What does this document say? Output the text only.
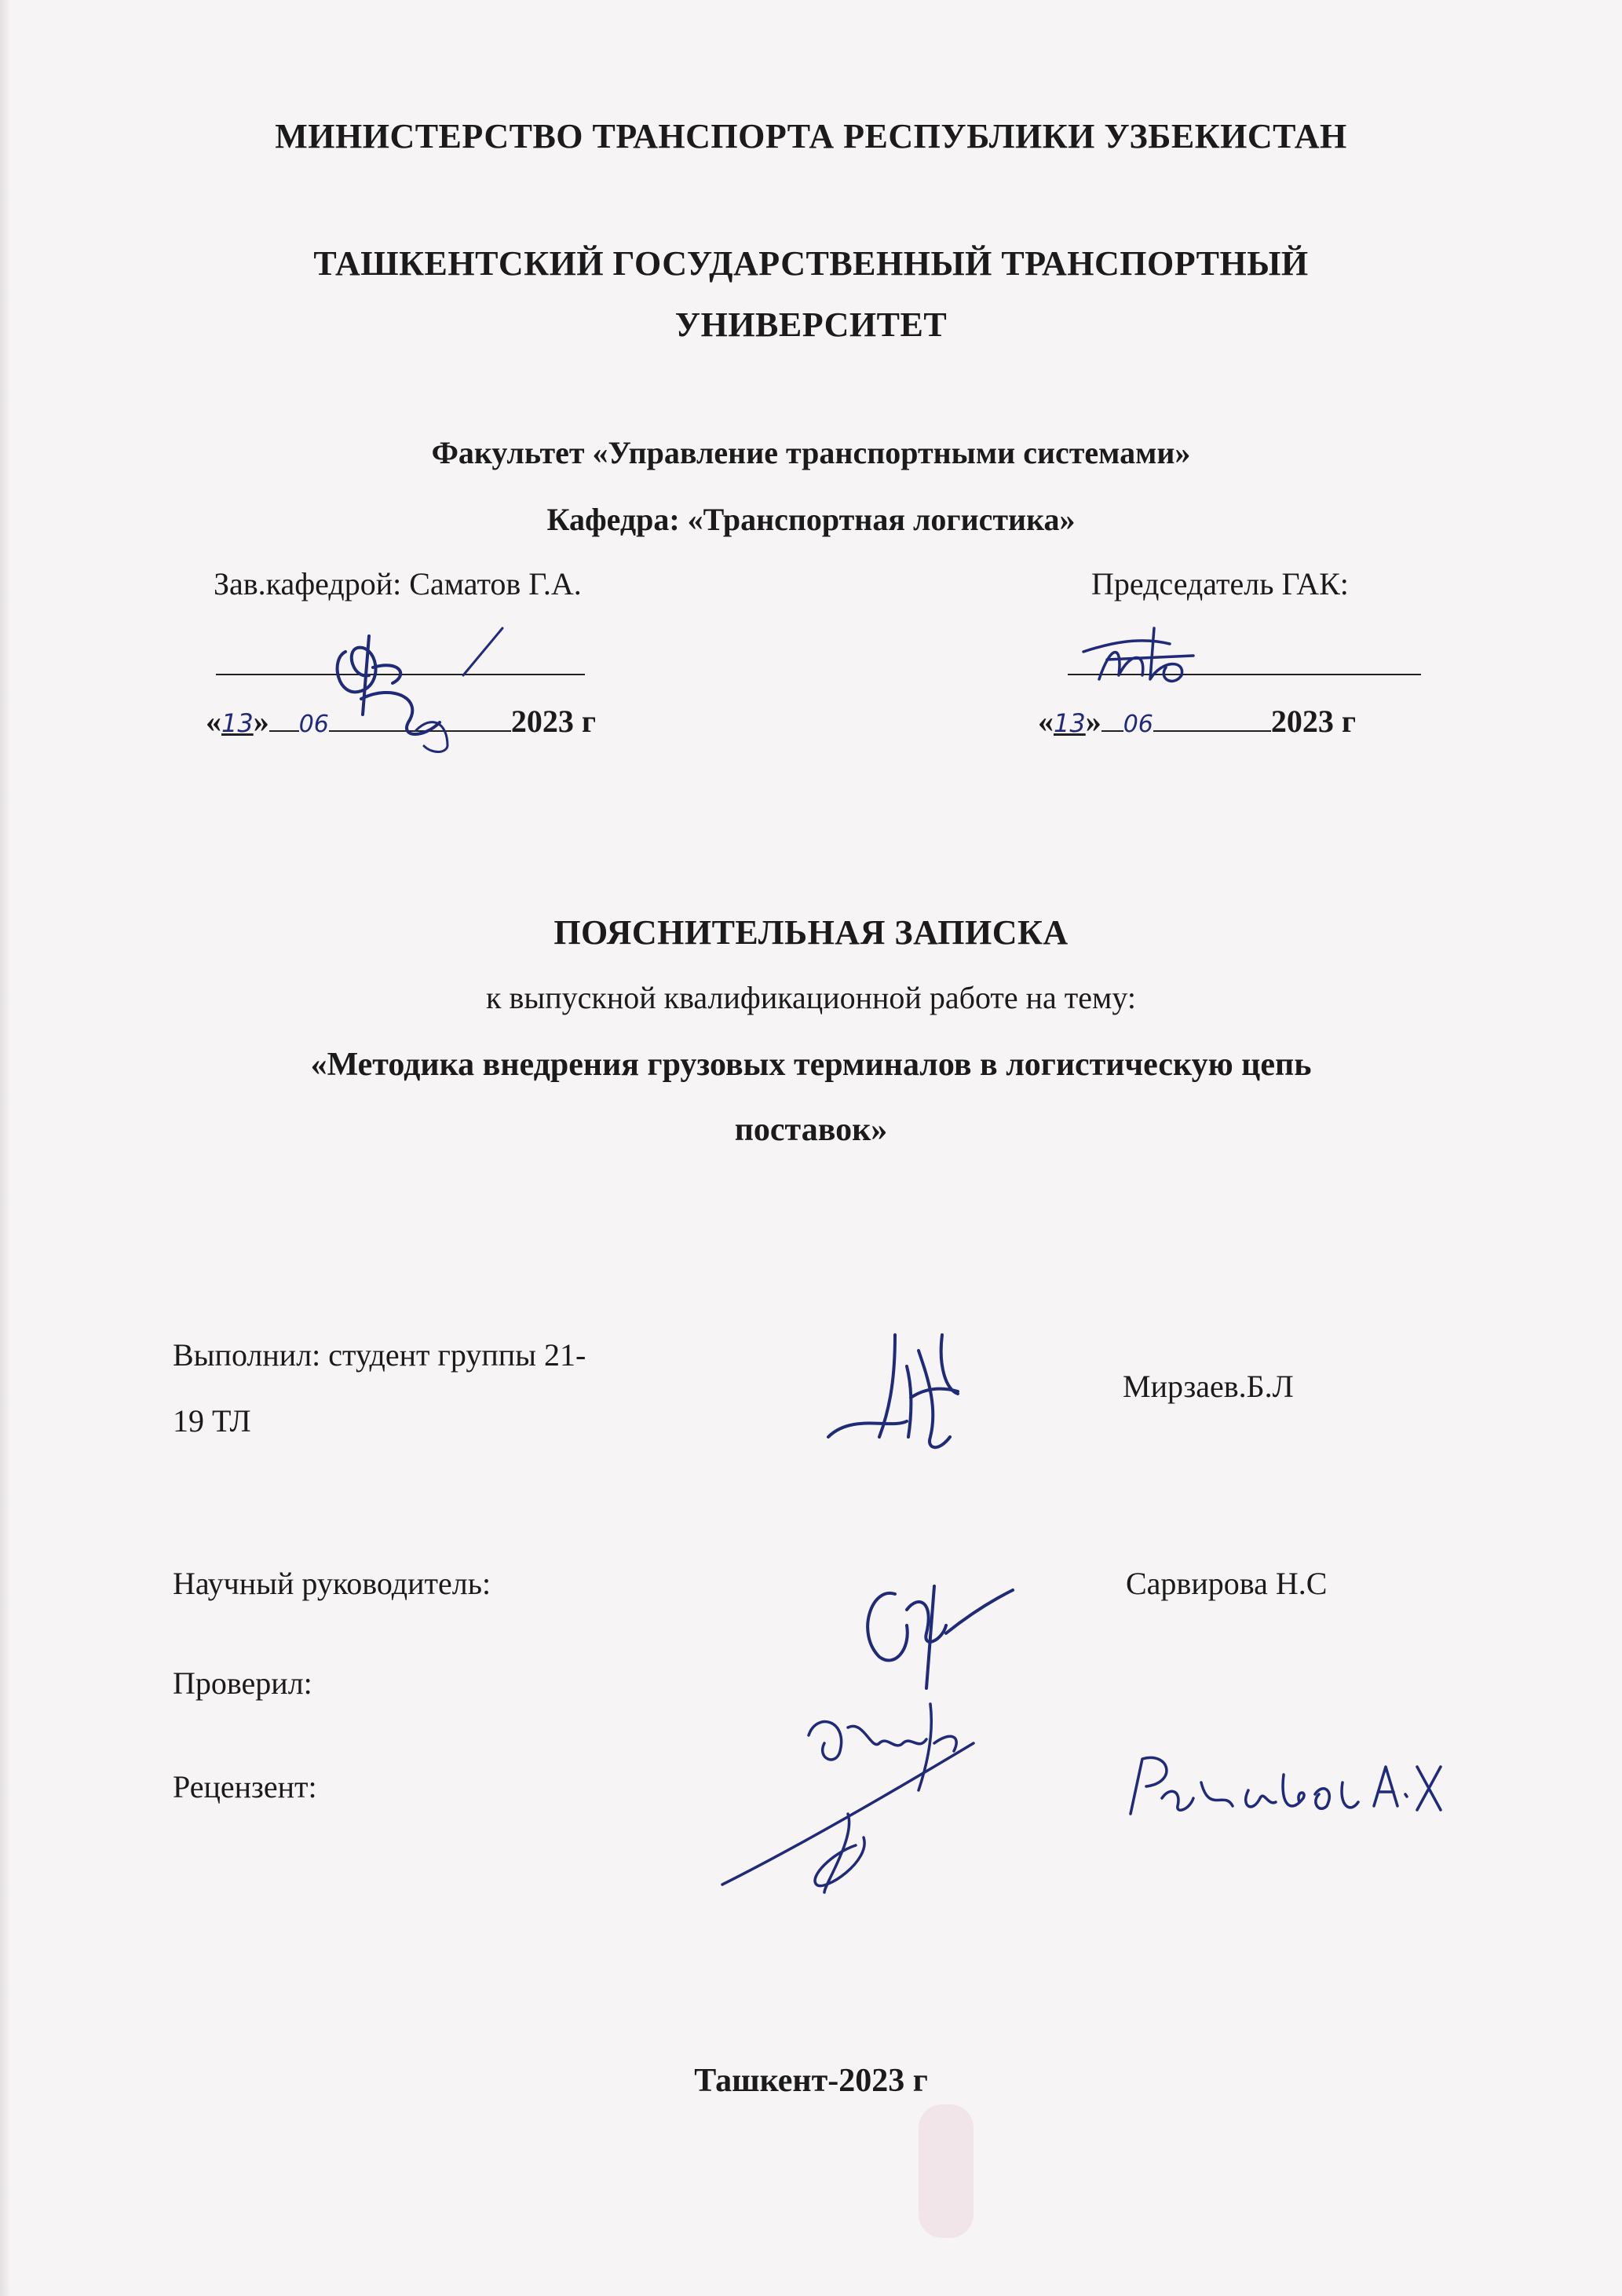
МИНИСТЕРСТВО ТРАНСПОРТА РЕСПУБЛИКИ УЗБЕКИСТАН
ТАШКЕНТСКИЙ ГОСУДАРСТВЕННЫЙ ТРАНСПОРТНЫЙ
УНИВЕРСИТЕТ
Факультет «Управление транспортными системами»
Кафедра: «Транспортная логистика»
Зав.кафедрой: Саматов Г.А.
«13» 06	2023 г
Председатель ГАК:
«13» 06	2023 г
ПОЯСНИТЕЛЬНАЯ ЗАПИСКА
к выпускной квалификационной работе на тему:
«Методика внедрения грузовых терминалов в логистическую цепь
поставок»
Выполнил: студент группы 21-
19 ТЛ
Мирзаев.Б.Л
Научный руководитель:	Сарвирова Н.С
Проверил:
Рецензент:
Ташкент-2023 г
